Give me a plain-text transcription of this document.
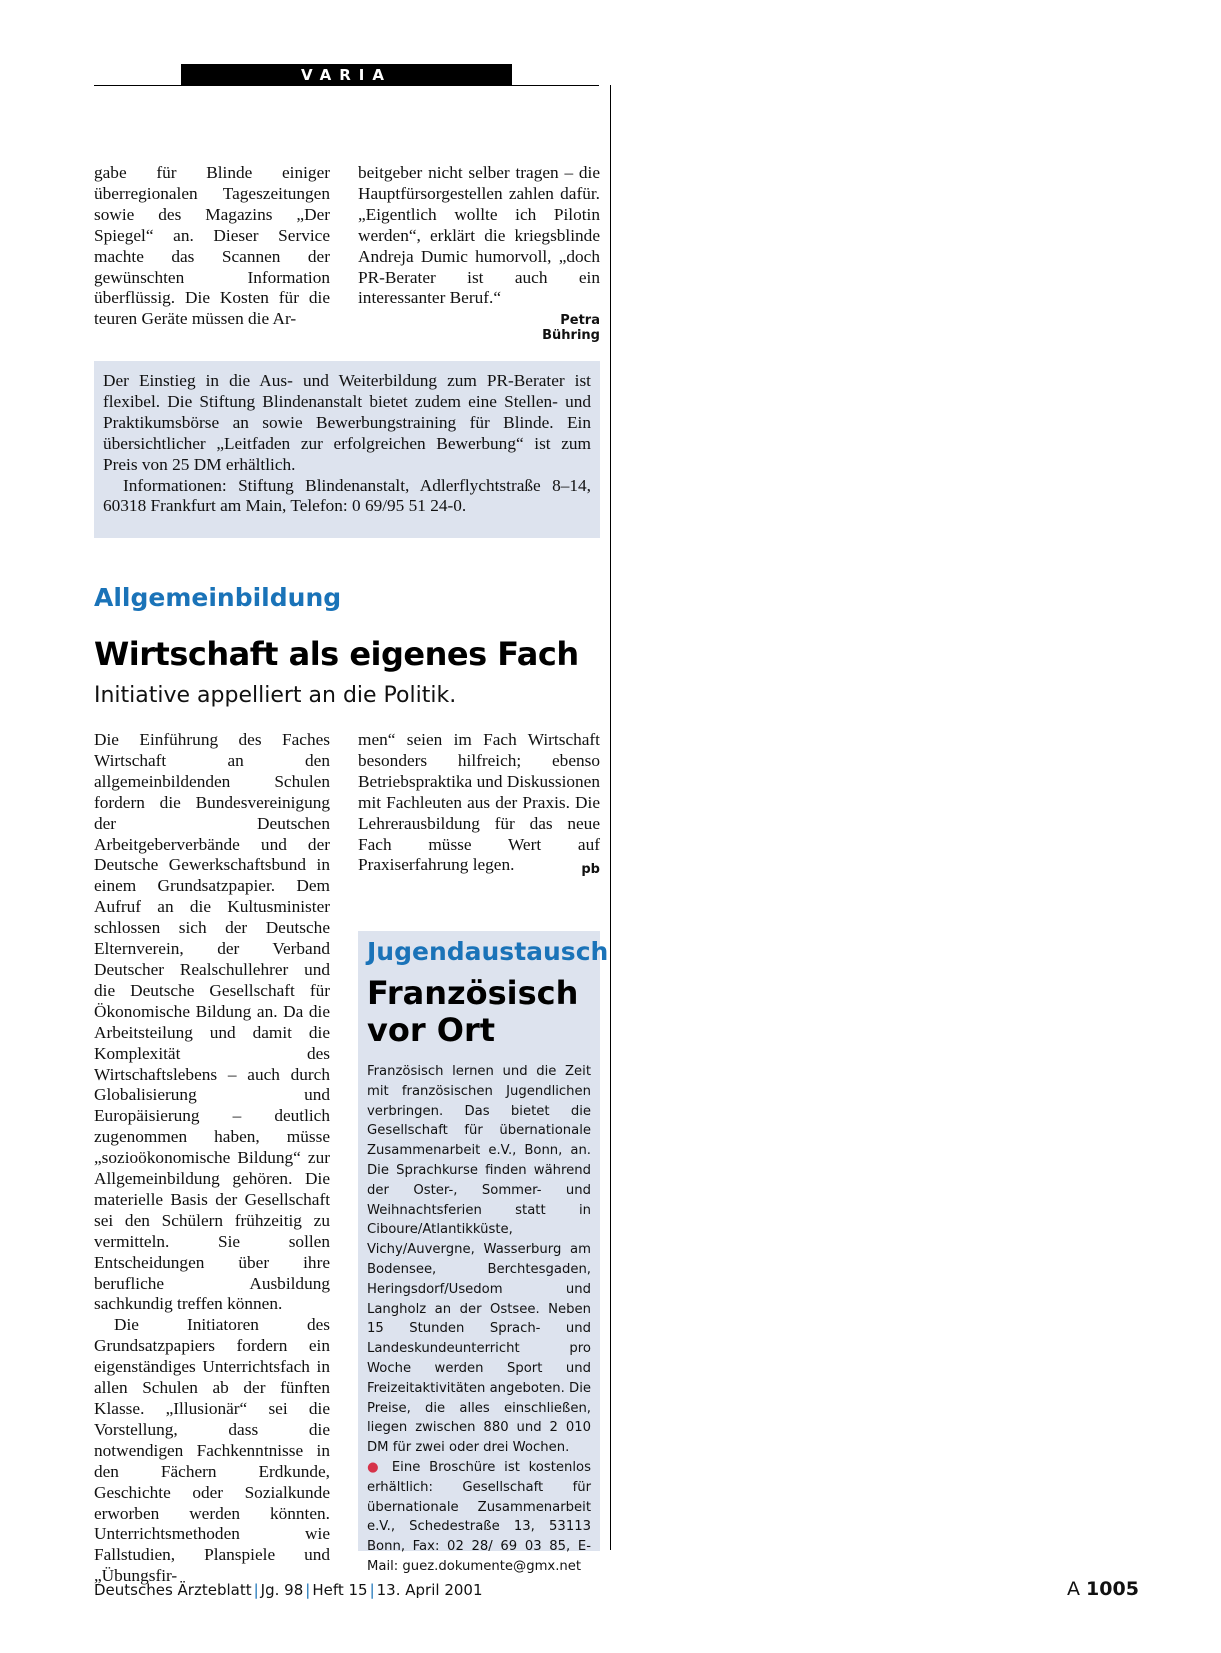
VARIA

gabe für Blinde einiger überregionalen Tageszeitungen sowie des Magazins „Der Spiegel“ an. Dieser Service machte das Scannen der gewünschten Information überflüssig. Die Kosten für die teuren Geräte müssen die Ar-

beitgeber nicht selber tragen – die Hauptfürsorgestellen zahlen dafür. „Eigentlich wollte ich Pilotin werden“, erklärt die kriegsblinde Andreja Dumic humorvoll, „doch PR-Berater ist auch ein interessanter Beruf.“

Petra Bühring

Der Einstieg in die Aus- und Weiterbildung zum PR-Berater ist flexibel. Die Stiftung Blindenanstalt bietet zudem eine Stellen- und Praktikumsbörse an sowie Bewerbungstraining für Blinde. Ein übersichtlicher „Leitfaden zur erfolgreichen Bewerbung“ ist zum Preis von 25 DM erhältlich.

Informationen: Stiftung Blindenanstalt, Adlerflychtstraße 8–14, 60318 Frankfurt am Main, Telefon: 0 69/95 51 24-0.

Allgemeinbildung
Wirtschaft als eigenes Fach
Initiative appelliert an die Politik.

Die Einführung des Faches Wirtschaft an den allgemeinbildenden Schulen fordern die Bundesvereinigung der Deutschen Arbeitgeberverbände und der Deutsche Gewerkschaftsbund in einem Grundsatzpapier. Dem Aufruf an die Kultusminister schlossen sich der Deutsche Elternverein, der Verband Deutscher Realschullehrer und die Deutsche Gesellschaft für Ökonomische Bildung an. Da die Arbeitsteilung und damit die Komplexität des Wirtschaftslebens – auch durch Globalisierung und Europäisierung – deutlich zugenommen haben, müsse „sozioökonomische Bildung“ zur Allgemeinbildung gehören. Die materielle Basis der Gesellschaft sei den Schülern frühzeitig zu vermitteln. Sie sollen Entscheidungen über ihre berufliche Ausbildung sachkundig treffen können.

Die Initiatoren des Grundsatzpapiers fordern ein eigenständiges Unterrichtsfach in allen Schulen ab der fünften Klasse. „Illusionär“ sei die Vorstellung, dass die notwendigen Fachkenntnisse in den Fächern Erdkunde, Geschichte oder Sozialkunde erworben werden könnten. Unterrichtsmethoden wie Fallstudien, Planspiele und „Übungsfir-

men“ seien im Fach Wirtschaft besonders hilfreich; ebenso Betriebspraktika und Diskussionen mit Fachleuten aus der Praxis. Die Lehrerausbildung für das neue Fach müsse Wert auf Praxiserfahrung legen.	pb
Jugendaustausch
Französisch
vor Ort

Französisch lernen und die Zeit mit französischen Jugendlichen verbringen. Das bietet die Gesellschaft für übernationale Zusammenarbeit e.V., Bonn, an. Die Sprachkurse finden während der Oster-, Sommer- und Weihnachtsferien statt in Ciboure/Atlantikküste, Vichy/Auvergne, Wasserburg am Bodensee, Berchtesgaden, Heringsdorf/Usedom und Langholz an der Ostsee. Neben 15 Stunden Sprach- und Landeskundeunterricht pro Woche werden Sport und Freizeitaktivitäten angeboten. Die Preise, die alles einschließen, liegen zwischen 880 und 2 010 DM für zwei oder drei Wochen.

● Eine Broschüre ist kostenlos erhältlich: Gesellschaft für übernationale Zusammenarbeit e.V., Schedestraße 13, 53113 Bonn, Fax: 02 28/ 69 03 85, E-Mail: guez.dokumente@gmx.net

Deutsches Ärzteblatt | Jg. 98 | Heft 15 | 13. April 2001	A 1005
